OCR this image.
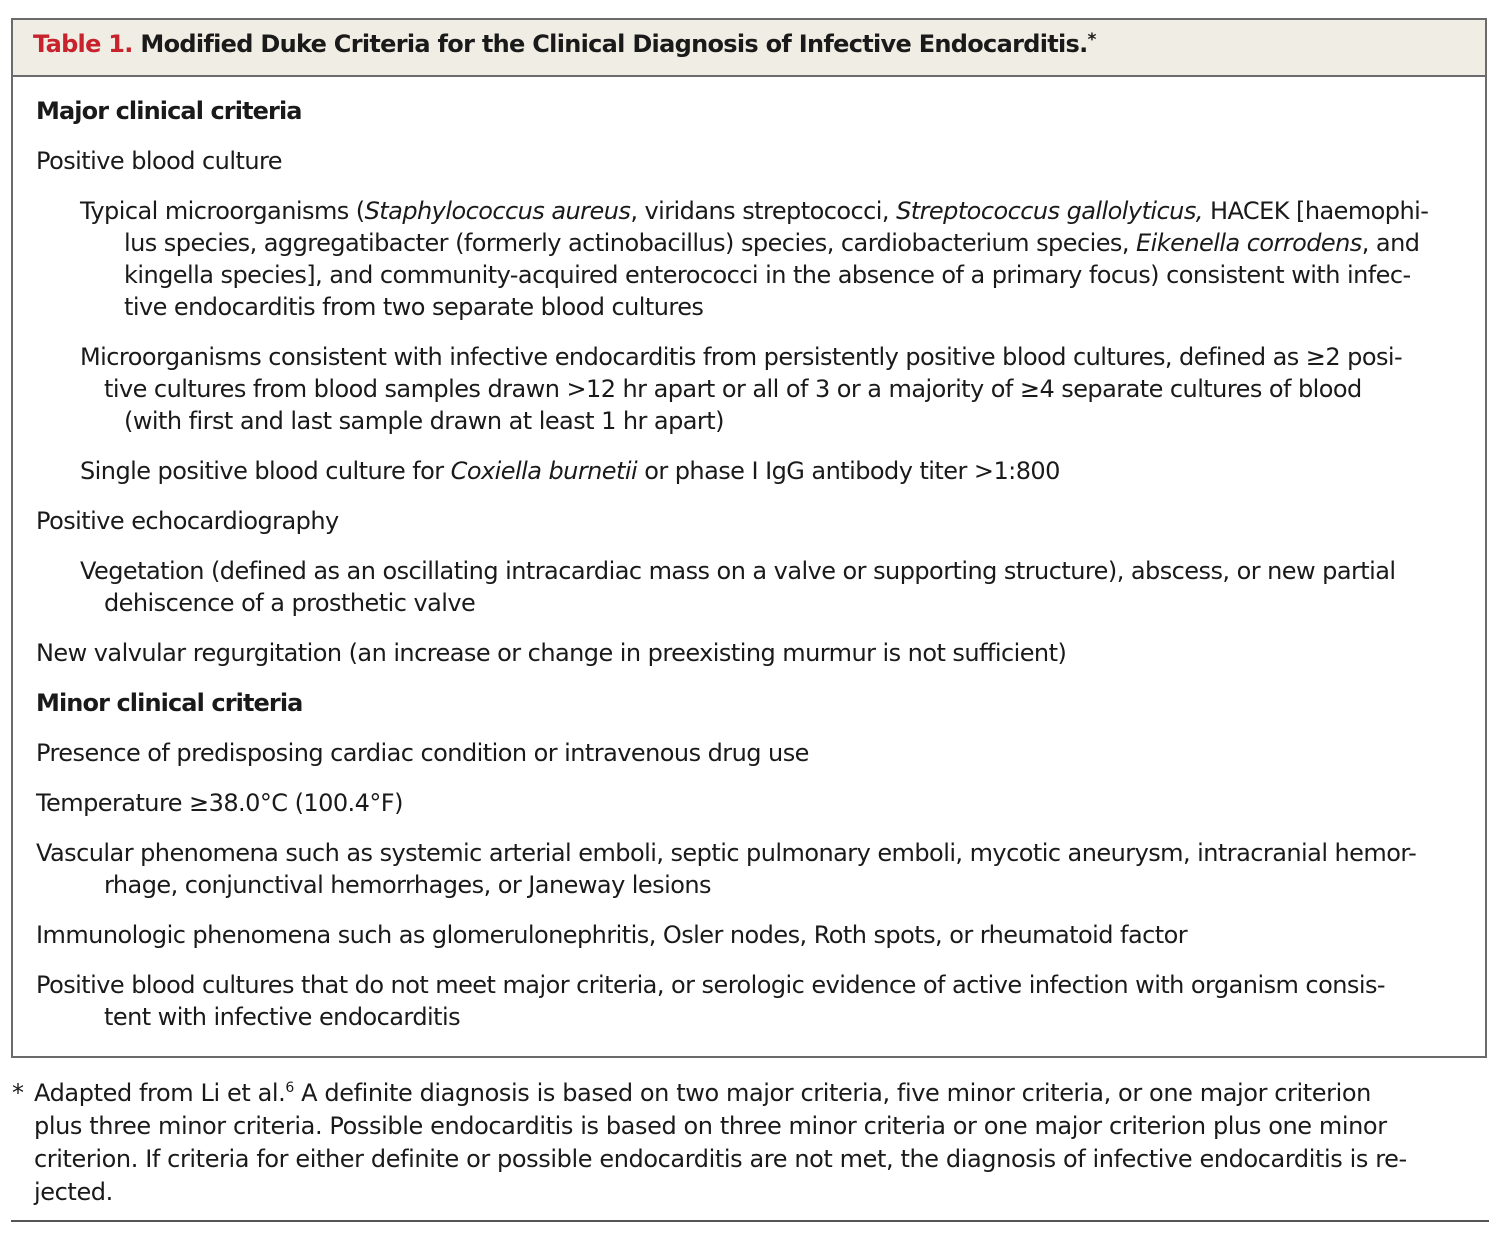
Table 1. Modified Duke Criteria for the Clinical Diagnosis of Infective Endocarditis.*
Major clinical criteria
Positive blood culture
Typical microorganisms (Staphylococcus aureus, viridans streptococci, Streptococcus gallolyticus, HACEK [haemophi-
lus species, aggregatibacter (formerly actinobacillus) species, cardiobacterium species, Eikenella corrodens, and
kingella species], and community-acquired enterococci in the absence of a primary focus) consistent with infec-
tive endocarditis from two separate blood cultures
Microorganisms consistent with infective endocarditis from persistently positive blood cultures, defined as ≥2 posi-
tive cultures from blood samples drawn >12 hr apart or all of 3 or a majority of ≥4 separate cultures of blood
(with first and last sample drawn at least 1 hr apart)
Single positive blood culture for Coxiella burnetii or phase I IgG antibody titer >1:800
Positive echocardiography
Vegetation (defined as an oscillating intracardiac mass on a valve or supporting structure), abscess, or new partial
dehiscence of a prosthetic valve
New valvular regurgitation (an increase or change in preexisting murmur is not sufficient)
Minor clinical criteria
Presence of predisposing cardiac condition or intravenous drug use
Temperature ≥38.0°C (100.4°F)
Vascular phenomena such as systemic arterial emboli, septic pulmonary emboli, mycotic aneurysm, intracranial hemor-
rhage, conjunctival hemorrhages, or Janeway lesions
Immunologic phenomena such as glomerulonephritis, Osler nodes, Roth spots, or rheumatoid factor
Positive blood cultures that do not meet major criteria, or serologic evidence of active infection with organism consis-
tent with infective endocarditis
* Adapted from Li et al.$^6$ A definite diagnosis is based on two major criteria, five minor criteria, or one major criterion
plus three minor criteria. Possible endocarditis is based on three minor criteria or one major criterion plus one minor
criterion. If criteria for either definite or possible endocarditis are not met, the diagnosis of infective endocarditis is re-
jected.
